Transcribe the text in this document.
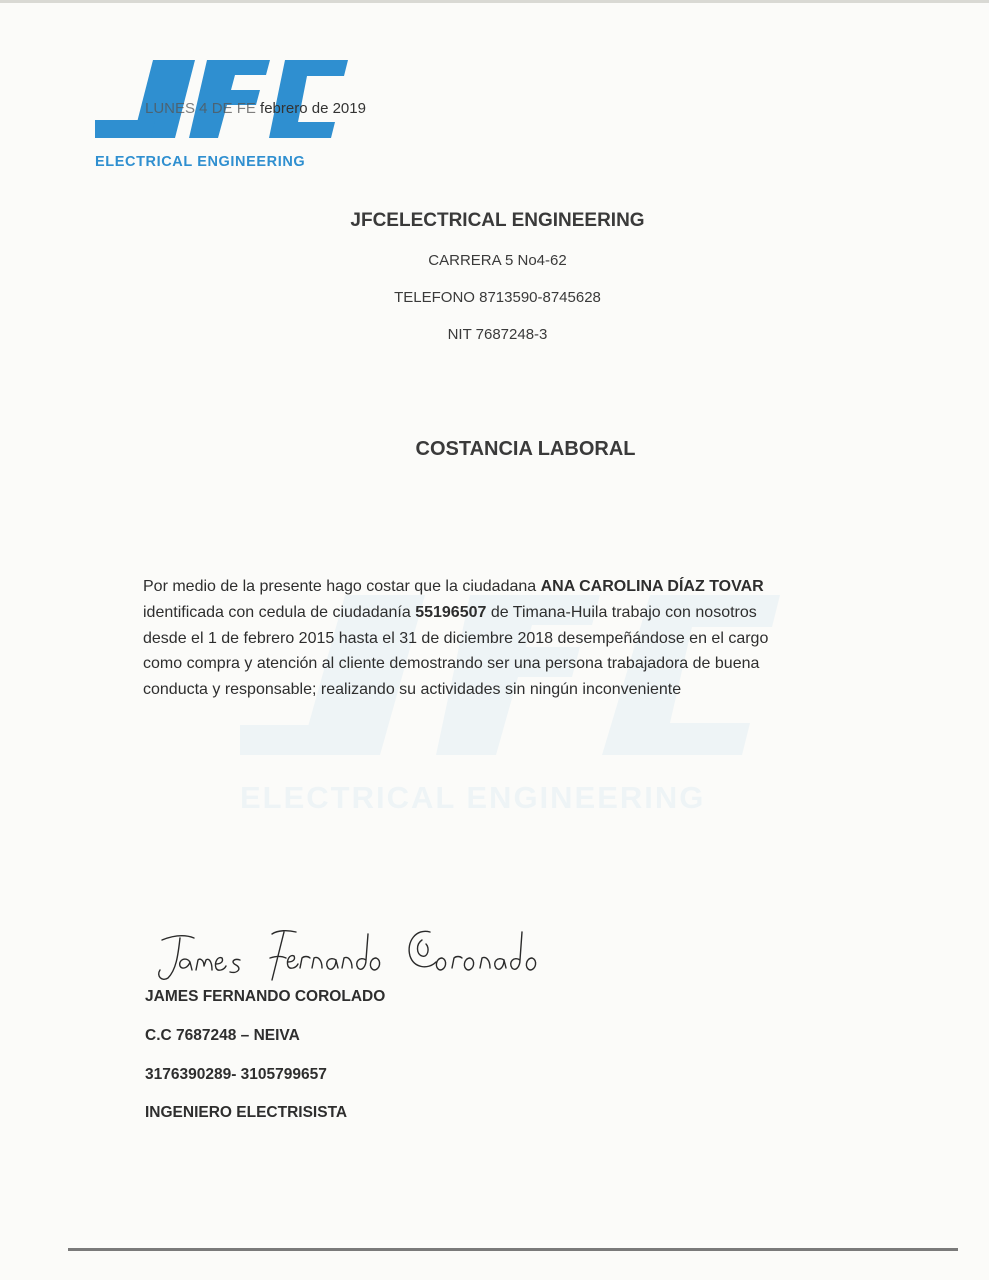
ELECTRICAL ENGINEERING
ELECTRICAL ENGINEERING
LUNES 4 DE FE febrero de 2019
JFCELECTRICAL ENGINEERING
CARRERA 5 No4-62
TELEFONO 8713590-8745628
NIT 7687248-3
COSTANCIA LABORAL
Por medio de la presente hago costar que la ciudadana ANA CAROLINA DÍAZ TOVAR
identificada con cedula de ciudadanía 55196507 de Timana-Huila trabajo con nosotros
desde el 1 de febrero 2015 hasta el 31 de diciembre 2018 desempeñándose en el cargo
como compra y atención al cliente demostrando ser una persona trabajadora de buena
conducta y responsable; realizando su actividades sin ningún inconveniente
JAMES FERNANDO COROLADO
C.C 7687248 – NEIVA
3176390289- 3105799657
INGENIERO ELECTRISISTA
